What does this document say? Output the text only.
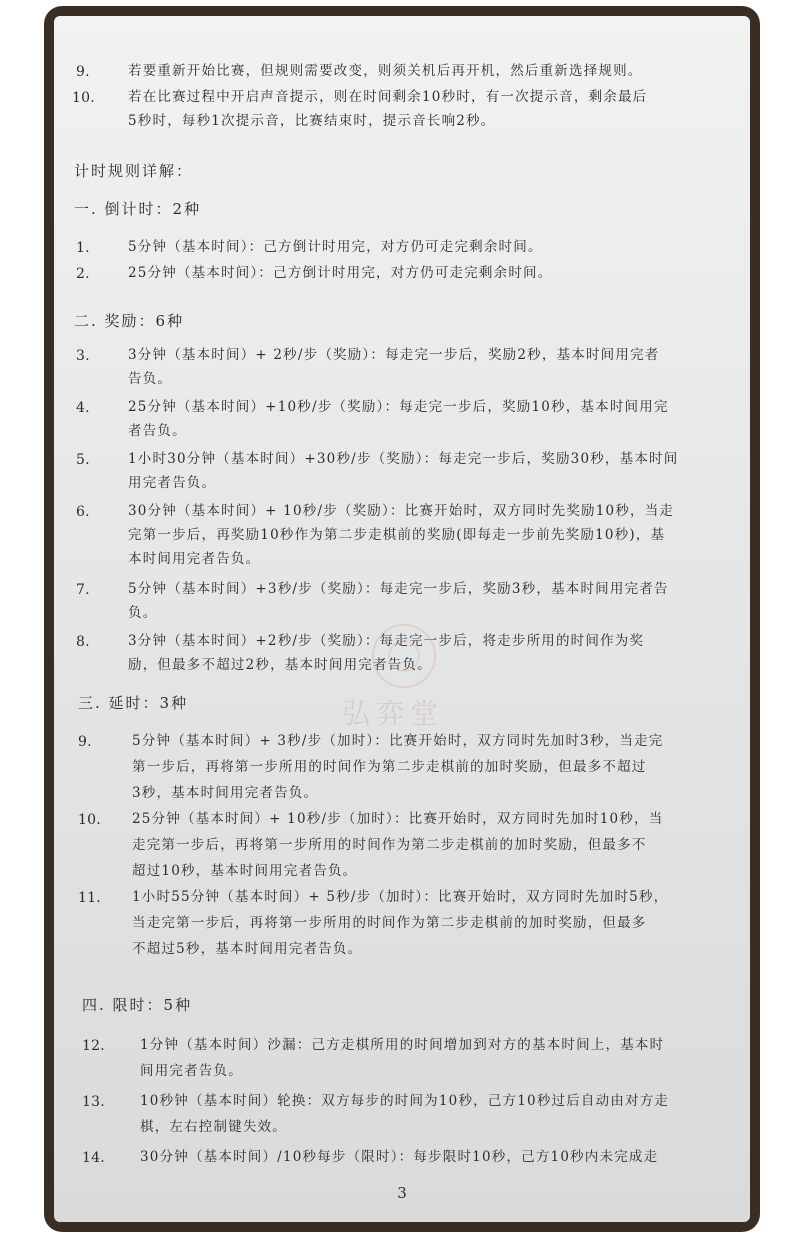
9.	若要重新开始比赛，但规则需要改变，则须关机后再开机，然后重新选择规则。
10. 若在比赛过程中开启声音提示，则在时间剩余10秒时，有一次提示音，剩余最后
5秒时，每秒1次提示音，比赛结束时，提示音长响2秒。
计时规则详解：
一. 倒计时：2种
1.	5分钟（基本时间）：己方倒计时用完，对方仍可走完剩余时间。
2.	25分钟（基本时间）：己方倒计时用完，对方仍可走完剩余时间。
二. 奖励：6种
3.	3分钟（基本时间）+ 2秒/步（奖励）：每走完一步后，奖励2秒，基本时间用完者
告负。
4.	25分钟（基本时间）+10秒/步（奖励）：每走完一步后，奖励10秒，基本时间用完
者告负。
5.	1小时30分钟（基本时间）+30秒/步（奖励）：每走完一步后，奖励30秒，基本时间
用完者告负。
6.	30分钟（基本时间）+ 10秒/步（奖励）：比赛开始时，双方同时先奖励10秒，当走
完第一步后，再奖励10秒作为第二步走棋前的奖励(即每走一步前先奖励10秒)，基
本时间用完者告负。
7.	5分钟（基本时间）+3秒/步（奖励）：每走完一步后，奖励3秒，基本时间用完者告
负。
8.	3分钟（基本时间）+2秒/步（奖励）：每走完一步后，将走步所用的时间作为奖
励，但最多不超过2秒，基本时间用完者告负。
弘弈堂
三. 延时：3种
9.	5分钟（基本时间）+ 3秒/步（加时）：比赛开始时，双方同时先加时3秒，当走完
第一步后，再将第一步所用的时间作为第二步走棋前的加时奖励，但最多不超过
3秒，基本时间用完者告负。
10. 25分钟（基本时间）+ 10秒/步（加时）：比赛开始时，双方同时先加时10秒，当
走完第一步后，再将第一步所用的时间作为第二步走棋前的加时奖励，但最多不
超过10秒，基本时间用完者告负。
11. 1小时55分钟（基本时间）+ 5秒/步（加时）：比赛开始时，双方同时先加时5秒，
当走完第一步后，再将第一步所用的时间作为第二步走棋前的加时奖励，但最多
不超过5秒，基本时间用完者告负。
四. 限时：5种
12.	1分钟（基本时间）沙漏：己方走棋所用的时间增加到对方的基本时间上，基本时
间用完者告负。
13.	10秒钟（基本时间）轮换：双方每步的时间为10秒，己方10秒过后自动由对方走
棋，左右控制键失效。
14.	30分钟（基本时间）/10秒每步（限时）：每步限时10秒，己方10秒内未完成走
3
